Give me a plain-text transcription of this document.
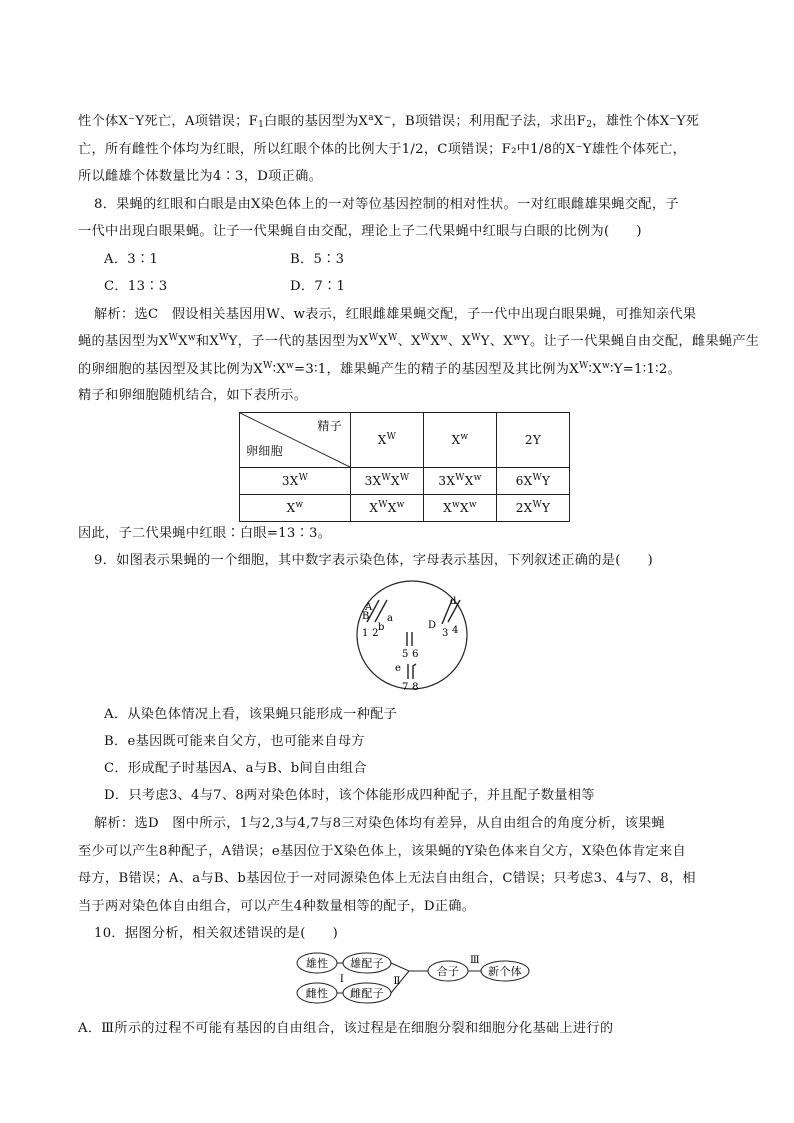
性个体X⁻Y死亡，A项错误；$F_1$白眼的基因型为$X^aX^-$，B项错误；利用配子法，求出$F_2$，雄性个体X⁻Y死
亡，所有雌性个体均为红眼，所以红眼个体的比例大于1/2，C项错误；F₂中1/8的X⁻Y雄性个体死亡，
所以雌雄个体数量比为4∶3，D项正确。
8．果蝇的红眼和白眼是由X染色体上的一对等位基因控制的相对性状。一对红眼雌雄果蝇交配，子
一代中出现白眼果蝇。让子一代果蝇自由交配，理论上子二代果蝇中红眼与白眼的比例为(　　)
A．3∶1	B．5∶3
C．13∶3	D．7∶1
解析：选C　假设相关基因用W、w表示，红眼雌雄果蝇交配，子一代中出现白眼果蝇，可推知亲代果
蝇的基因型为$X^WX^w$和$X^WY$，子一代的基因型为$X^WX^W$、$X^WX^w$、$X^WY$、$X^wY$。让子一代果蝇自由交配，雌果蝇产生
的卵细胞的基因型及其比例为$X^W∶X^w=3∶1$，雄果蝇产生的精子的基因型及其比例为$X^W∶X^w∶Y=1∶1∶2$。
精子和卵细胞随机结合，如下表所示。
精子
卵细胞	$X^W$	$X^w$	2Y
$3X^W$	$3X^WX^W$	$3X^WX^w$	$6X^WY$
$X^w$	$X^WX^w$	$X^wX^w$	$2X^WY$
因此，子二代果蝇中红眼∶白眼=13∶3。
9．如图表示果蝇的一个细胞，其中数字表示染色体，字母表示基因，下列叙述正确的是(　　)
A
B a
b
1 2
d
D
3 4
5 6
e
7 8
A．从染色体情况上看，该果蝇只能形成一种配子
B．e基因既可能来自父方，也可能来自母方
C．形成配子时基因A、a与B、b间自由组合
D．只考虑3、4与7、8两对染色体时，该个体能形成四种配子，并且配子数量相等
解析：选D　图中所示，1与2,3与4,7与8三对染色体均有差异，从自由组合的角度分析，该果蝇
至少可以产生8种配子，A错误；e基因位于X染色体上，该果蝇的Y染色体来自父方，X染色体肯定来自
母方，B错误；A、a与B、b基因位于一对同源染色体上无法自由组合，C错误；只考虑3、4与7、8，相
当于两对染色体自由组合，可以产生4种数量相等的配子，D正确。
10．据图分析，相关叙述错误的是(　　)
雄性 雄配子
雌性 雌配子
合子	新个体
Ⅰ	Ⅱ
Ⅲ
A．Ⅲ所示的过程不可能有基因的自由组合，该过程是在细胞分裂和细胞分化基础上进行的
